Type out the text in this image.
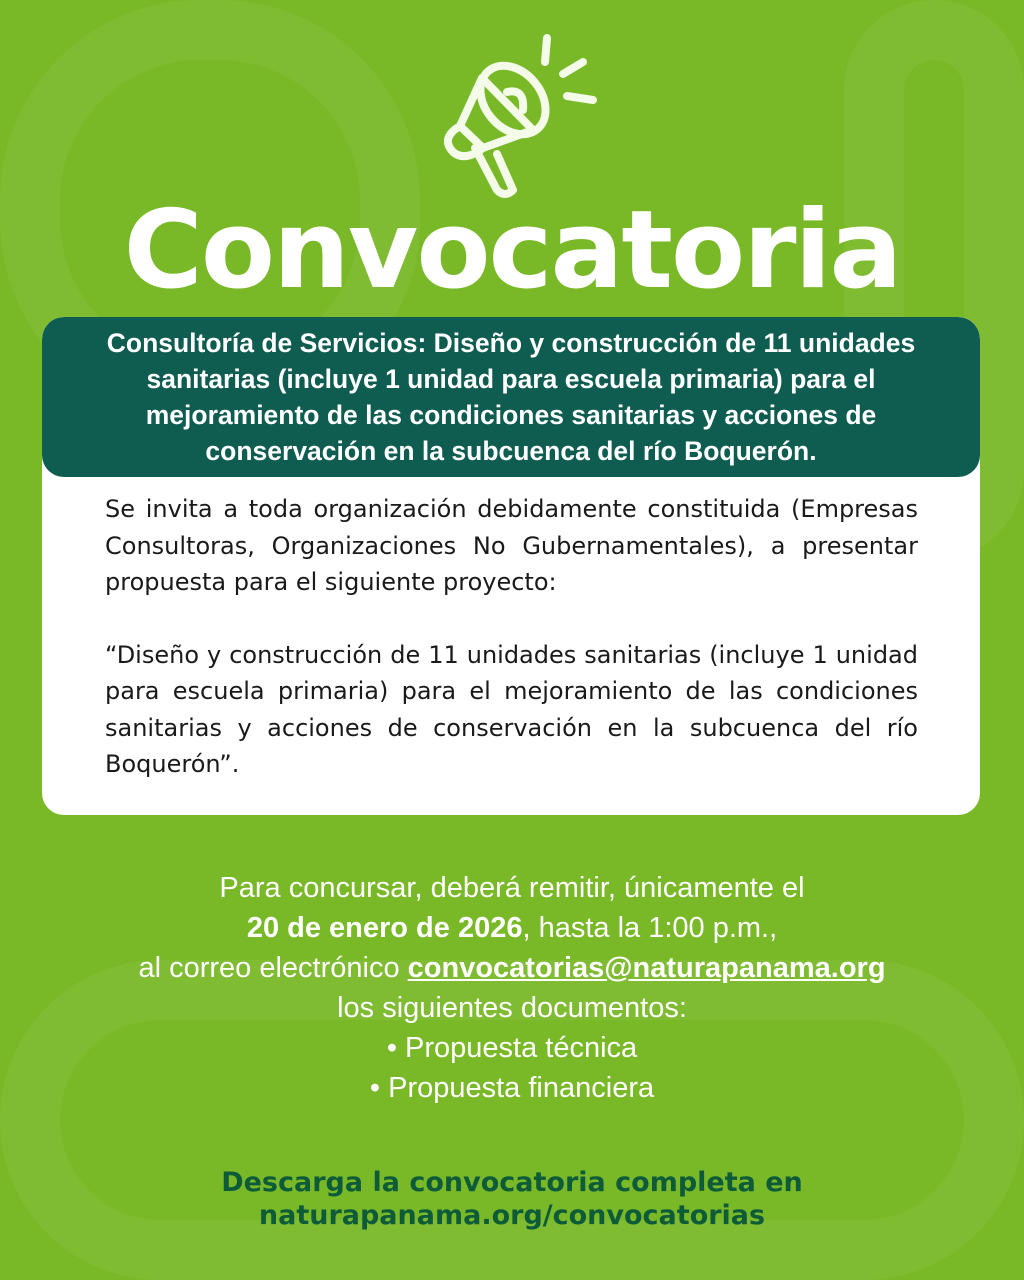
Convocatoria
Consultoría de Servicios: Diseño y construcción de 11 unidades sanitarias (incluye 1 unidad para escuela primaria) para el mejoramiento de las condiciones sanitarias y acciones de conservación en la subcuenca del río Boquerón.

Se invita a toda organización debidamente constituida (Empresas Consultoras, Organizaciones No Gubernamentales), a presentar propuesta para el siguiente proyecto:

“Diseño y construcción de 11 unidades sanitarias (incluye 1 unidad para escuela primaria) para el mejoramiento de las condiciones sanitarias y acciones de conservación en la subcuenca del río Boquerón”.

Para concursar, deberá remitir, únicamente el
20 de enero de 2026, hasta la 1:00 p.m.,
al correo electrónico convocatorias@naturapanama.org
los siguientes documentos:
• Propuesta técnica
• Propuesta financiera
Descarga la convocatoria completa en
naturapanama.org/convocatorias
